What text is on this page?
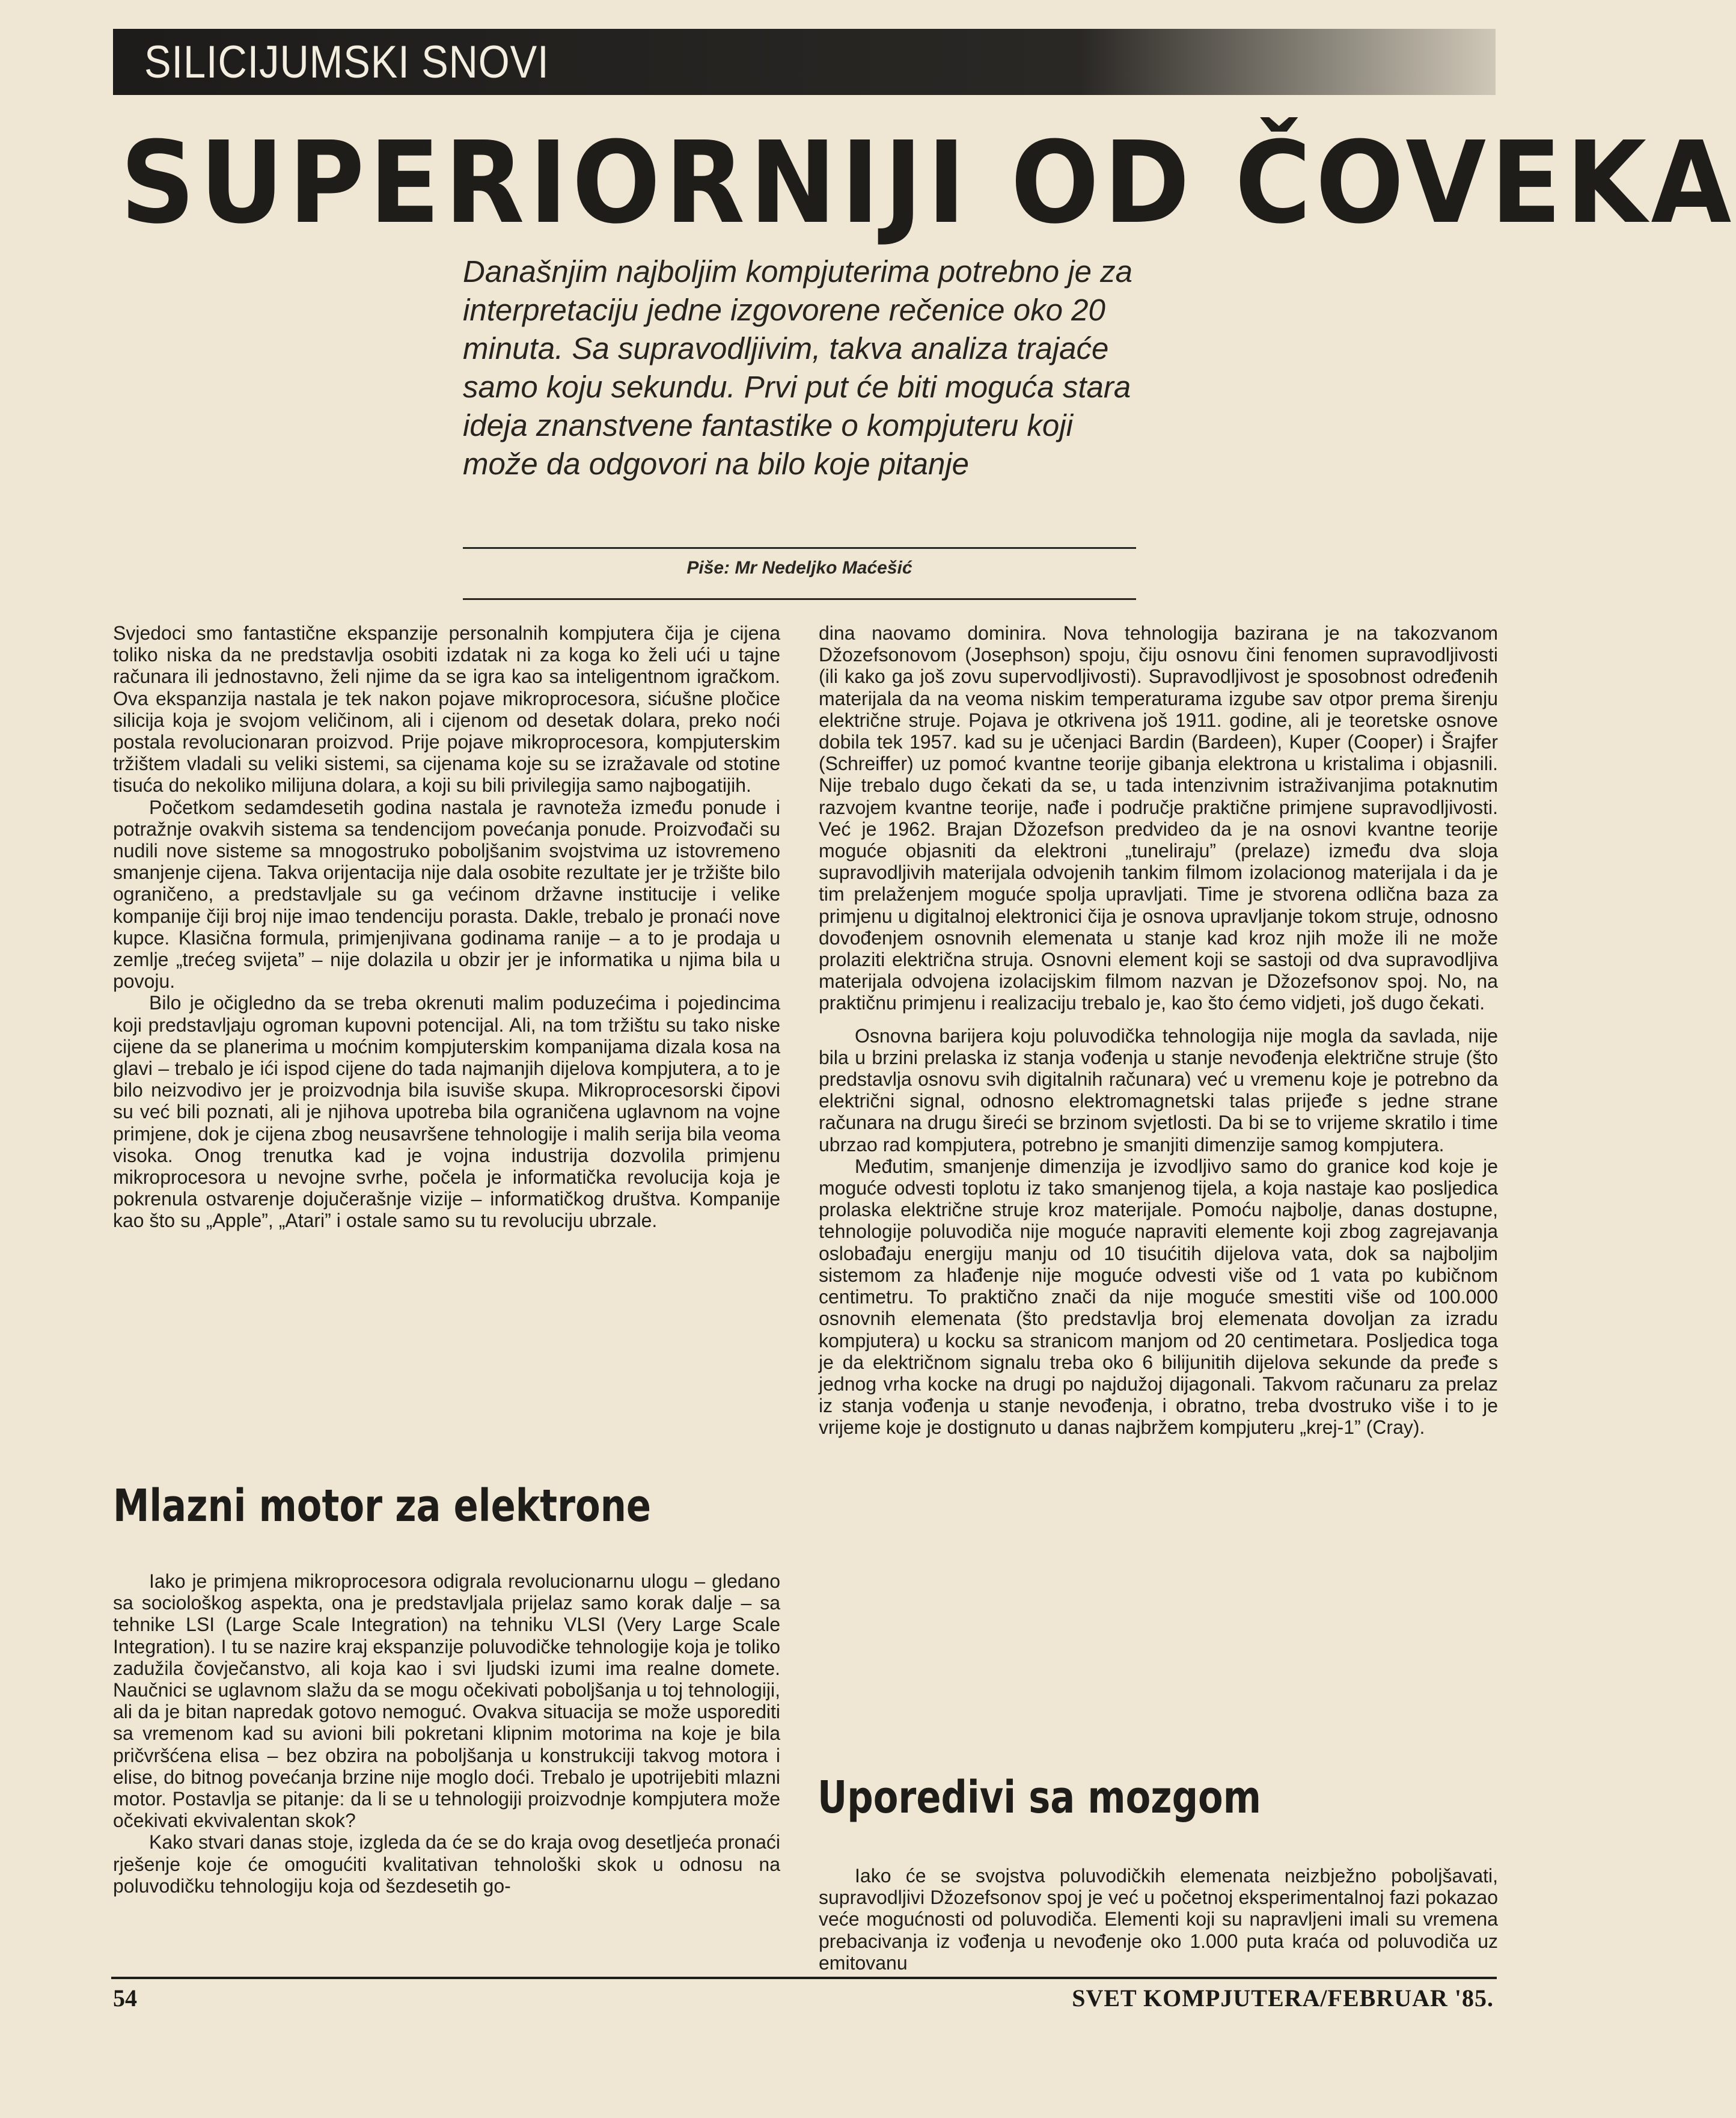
SILICIJUMSKI SNOVI
SUPERIORNIJI OD ČOVEKA
Današnjim najboljim kompjuterima potrebno je za interpretaciju jedne izgovorene rečenice oko 20 minuta. Sa supravodljivim, takva analiza trajaće samo koju sekundu. Prvi put će biti moguća stara ideja znanstvene fantastike o kompjuteru koji može da odgovori na bilo koje pitanje
Piše: Mr Nedeljko Maćešić

Svjedoci smo fantastične ekspanzije personalnih kompjutera čija je cijena toliko niska da ne predstavlja osobiti izdatak ni za koga ko želi ući u tajne računara ili jednostavno, želi njime da se igra kao sa inteligentnom igračkom. Ova ekspanzija nastala je tek nakon pojave mikroprocesora, sićušne pločice silicija koja je svojom veličinom, ali i cijenom od desetak dolara, preko noći postala revolucionaran proizvod. Prije pojave mikroprocesora, kompjuterskim tržištem vladali su veliki sistemi, sa cijenama koje su se izražavale od stotine tisuća do nekoliko milijuna dolara, a koji su bili privilegija samo najbogatijih.

Početkom sedamdesetih godina nastala je ravnoteža između ponude i potražnje ovakvih sistema sa tendencijom povećanja ponude. Proizvođači su nudili nove sisteme sa mnogostruko poboljšanim svojstvima uz istovremeno smanjenje cijena. Takva orijentacija nije dala osobite rezultate jer je tržište bilo ograničeno, a predstavljale su ga većinom državne institucije i velike kompanije čiji broj nije imao tendenciju porasta. Dakle, trebalo je pronaći nove kupce. Klasična formula, primjenjivana godinama ranije – a to je prodaja u zemlje „trećeg svijeta” – nije dolazila u obzir jer je informatika u njima bila u povoju.

Bilo je očigledno da se treba okrenuti malim poduzećima i pojedincima koji predstavljaju ogroman kupovni potencijal. Ali, na tom tržištu su tako niske cijene da se planerima u moćnim kompjuterskim kompanijama dizala kosa na glavi – trebalo je ići ispod cijene do tada najmanjih dijelova kompjutera, a to je bilo neizvodivo jer je proizvodnja bila isuviše skupa. Mikroprocesorski čipovi su već bili poznati, ali je njihova upotreba bila ograničena uglavnom na vojne primjene, dok je cijena zbog neusavršene tehnologije i malih serija bila veoma visoka. Onog trenutka kad je vojna industrija dozvolila primjenu mikroprocesora u nevojne svrhe, počela je informatička revolucija koja je pokrenula ostvarenje dojučerašnje vizije – informatičkog društva. Kompanije kao što su „Apple”, „Atari” i ostale samo su tu revoluciju ubrzale.

Mlazni motor za elektrone

Iako je primjena mikroprocesora odigrala revolucionarnu ulogu – gledano sa sociološkog aspekta, ona je predstavljala prijelaz samo korak dalje – sa tehnike LSI (Large Scale Integration) na tehniku VLSI (Very Large Scale Integration). I tu se nazire kraj ekspanzije poluvodičke tehnologije koja je toliko zadužila čovječanstvo, ali koja kao i svi ljudski izumi ima realne domete. Naučnici se uglavnom slažu da se mogu očekivati poboljšanja u toj tehnologiji, ali da je bitan napredak gotovo nemoguć. Ovakva situacija se može usporediti sa vremenom kad su avioni bili pokretani klipnim motorima na koje je bila pričvršćena elisa – bez obzira na poboljšanja u konstrukciji takvog motora i elise, do bitnog povećanja brzine nije moglo doći. Trebalo je upotrijebiti mlazni motor. Postavlja se pitanje: da li se u tehnologiji proizvodnje kompjutera može očekivati ekvivalentan skok?

Kako stvari danas stoje, izgleda da će se do kraja ovog desetljeća pronaći rješenje koje će omogućiti kvalitativan tehnološki skok u odnosu na poluvodičku tehnologiju koja od šezdesetih go-

dina naovamo dominira. Nova tehnologija bazirana je na takozvanom Džozefsonovom (Josephson) spoju, čiju osnovu čini fenomen supravodljivosti (ili kako ga još zovu supervodljivosti). Supravodljivost je sposobnost određenih materijala da na veoma niskim temperaturama izgube sav otpor prema širenju električne struje. Pojava je otkrivena još 1911. godine, ali je teoretske osnove dobila tek 1957. kad su je učenjaci Bardin (Bardeen), Kuper (Cooper) i Šrajfer (Schreiffer) uz pomoć kvantne teorije gibanja elektrona u kristalima i objasnili. Nije trebalo dugo čekati da se, u tada intenzivnim istraživanjima potaknutim razvojem kvantne teorije, nađe i područje praktične primjene supravodljivosti. Već je 1962. Brajan Džozefson predvideo da je na osnovi kvantne teorije moguće objasniti da elektroni „tuneliraju” (prelaze) između dva sloja supravodljivih materijala odvojenih tankim filmom izolacionog materijala i da je tim prelaženjem moguće spolja upravljati. Time je stvorena odlična baza za primjenu u digitalnoj elektronici čija je osnova upravljanje tokom struje, odnosno dovođenjem osnovnih elemenata u stanje kad kroz njih može ili ne može prolaziti električna struja. Osnovni element koji se sastoji od dva supravodljiva materijala odvojena izolacijskim filmom nazvan je Džozefsonov spoj. No, na praktičnu primjenu i realizaciju trebalo je, kao što ćemo vidjeti, još dugo čekati.

Osnovna barijera koju poluvodička tehnologija nije mogla da savlada, nije bila u brzini prelaska iz stanja vođenja u stanje nevođenja električne struje (što predstavlja osnovu svih digitalnih računara) već u vremenu koje je potrebno da električni signal, odnosno elektromagnetski talas prijeđe s jedne strane računara na drugu šireći se brzinom svjetlosti. Da bi se to vrijeme skratilo i time ubrzao rad kompjutera, potrebno je smanjiti dimenzije samog kompjutera.

Međutim, smanjenje dimenzija je izvodljivo samo do granice kod koje je moguće odvesti toplotu iz tako smanjenog tijela, a koja nastaje kao posljedica prolaska električne struje kroz materijale. Pomoću najbolje, danas dostupne, tehnologije poluvodiča nije moguće napraviti elemente koji zbog zagrejavanja oslobađaju energiju manju od 10 tisućitih dijelova vata, dok sa najboljim sistemom za hlađenje nije moguće odvesti više od 1 vata po kubičnom centimetru. To praktično znači da nije moguće smestiti više od 100.000 osnovnih elemenata (što predstavlja broj elemenata dovoljan za izradu kompjutera) u kocku sa stranicom manjom od 20 centimetara. Posljedica toga je da električnom signalu treba oko 6 bilijunitih dijelova sekunde da pređe s jednog vrha kocke na drugi po najdužoj dijagonali. Takvom računaru za prelaz iz stanja vođenja u stanje nevođenja, i obratno, treba dvostruko više i to je vrijeme koje je dostignuto u danas najbržem kompjuteru „krej-1” (Cray).

Uporedivi sa mozgom

Iako će se svojstva poluvodičkih elemenata neizbježno poboljšavati, supravodljivi Džozefsonov spoj je već u početnoj eksperimentalnoj fazi pokazao veće mogućnosti od poluvodiča. Elementi koji su napravljeni imali su vremena prebacivanja iz vođenja u nevođenje oko 1.000 puta kraća od poluvodiča uz emitovanu

54	SVET KOMPJUTERA/FEBRUAR '85.
